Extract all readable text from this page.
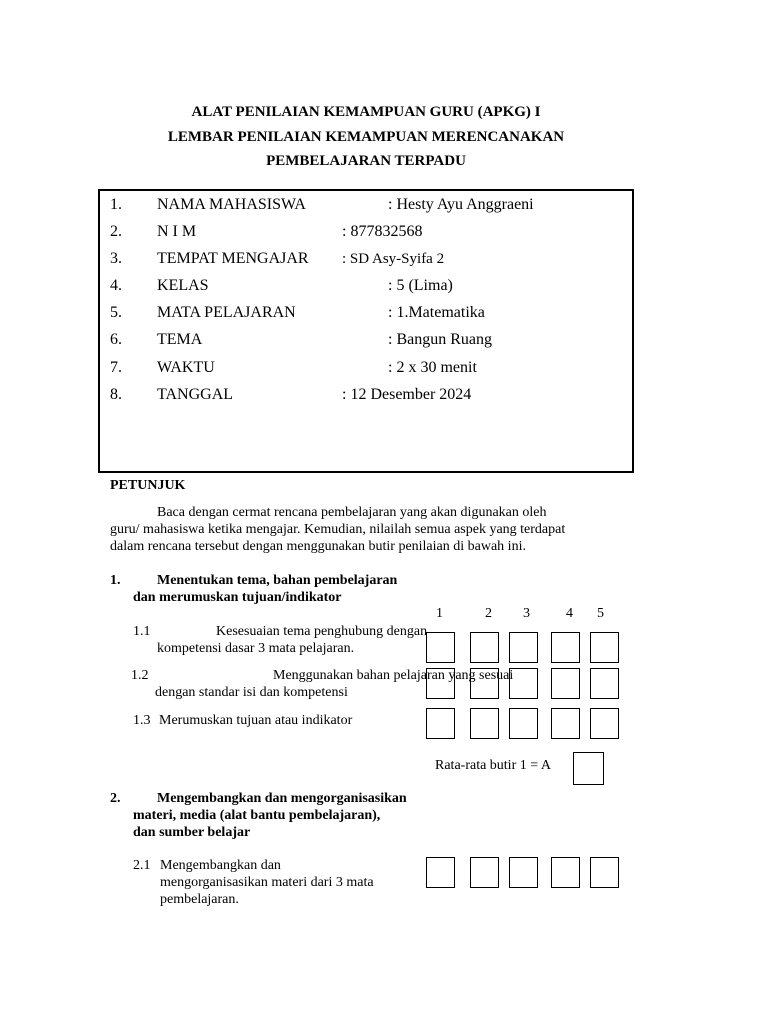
ALAT PENILAIAN KEMAMPUAN GURU (APKG) I
LEMBAR PENILAIAN KEMAMPUAN MERENCANAKAN
PEMBELAJARAN TERPADU
1. NAMA MAHASISWA	: Hesty Ayu Anggraeni
2. N I M	: 877832568
3. TEMPAT MENGAJAR : SD Asy-Syifa 2
4. KELAS	: 5 (Lima)
5. MATA PELAJARAN	: 1.Matematika
6. TEMA	: Bangun Ruang
7. WAKTU	: 2 x 30 menit
8. TANGGAL	: 12 Desember 2024
PETUNJUK
Baca dengan cermat rencana pembelajaran yang akan digunakan oleh
guru/ mahasiswa ketika mengajar. Kemudian, nilailah semua aspek yang terdapat
dalam rencana tersebut dengan menggunakan butir penilaian di bawah ini.
1.	Menentukan tema, bahan pembelajaran
dan merumuskan tujuan/indikator
1	2 3	4 5
1.1	Kesesuaian tema penghubung dengan
kompetensi dasar 3 mata pelajaran.
1.2	Menggunakan bahan pelajaran yang sesuai
dengan standar isi dan kompetensi
1.3 Merumuskan tujuan atau indikator
Rata-rata butir 1 = A
2.	Mengembangkan dan mengorganisasikan
materi, media (alat bantu pembelajaran),
dan sumber belajar
2.1 Mengembangkan dan
mengorganisasikan materi dari 3 mata
pembelajaran.
